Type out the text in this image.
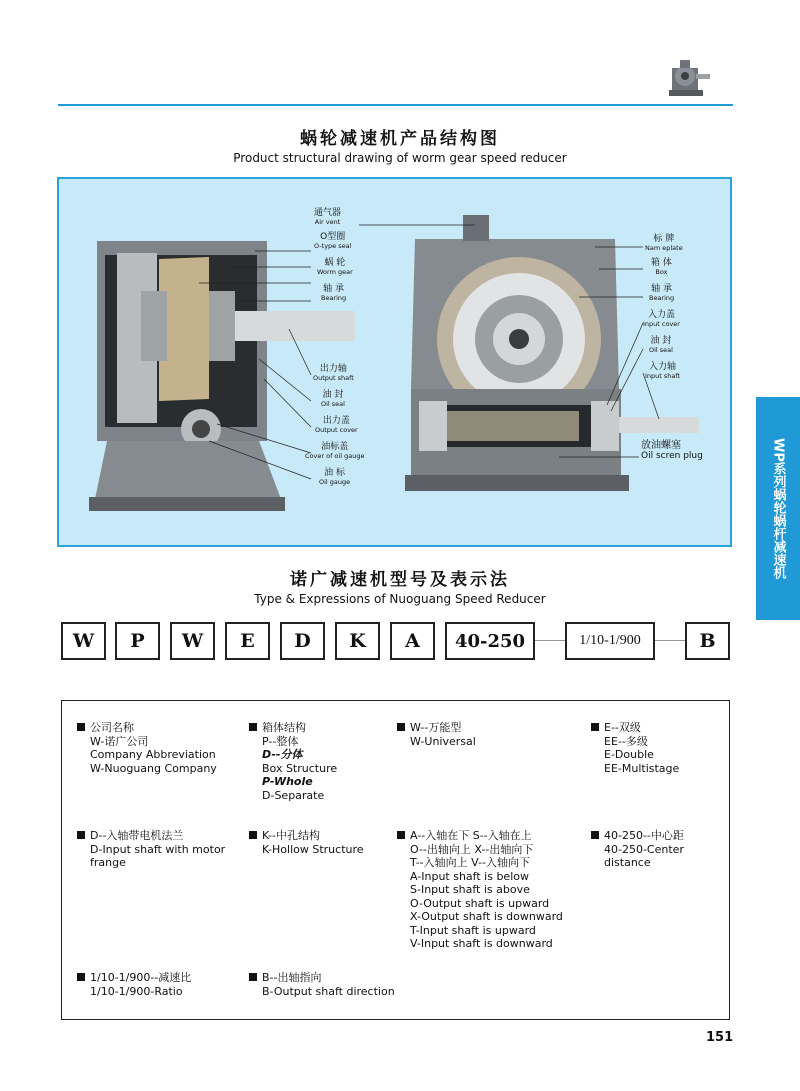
蜗轮减速机产品结构图
Product structural drawing of worm gear speed reducer
通气器
Air vent
O型圈
O-type seal
蜗 轮
Worm gear
轴 承
Bearing
出力轴
Output shaft
油 封
Oil seal
出力盖
Output cover
油标盖
Cover of oil gauge
油 标
Oil gauge
标 牌
Nam eplate
箱 体
Box
轴 承
Bearing
入力盖
Input cover
油 封
Oil seal
入力轴
Input shaft
放油螺塞
Oil scren plug
诺广减速机型号及表示法
Type & Expressions of Nuoguang Speed Reducer
W	P	W	E	D	K	A	40-250	1/10-1/900	B
公司名称
W-诺广公司
Company Abbreviation
W-Nuoguang Company
箱体结构
P--整体
D--分体
Box Structure
P-Whole
D-Separate
W--万能型
W-Universal
E--双级
EE--多级
E-Double
EE-Multistage
D--入轴带电机法兰
D-Input shaft with motor
frange
K--中孔结构
K-Hollow Structure
A--入轴在下 S--入轴在上
O--出轴向上 X--出轴向下
T--入轴向上 V--入轴向下
A-Input shaft is below
S-Input shaft is above
O-Output shaft is upward
X-Output shaft is downward
T-Input shaft is upward
V-Input shaft is downward
40-250--中心距
40-250-Center distance
1/10-1/900--减速比
1/10-1/900-Ratio
B--出轴指向
B-Output shaft direction
WP系列蜗轮蜗杆减速机
151
